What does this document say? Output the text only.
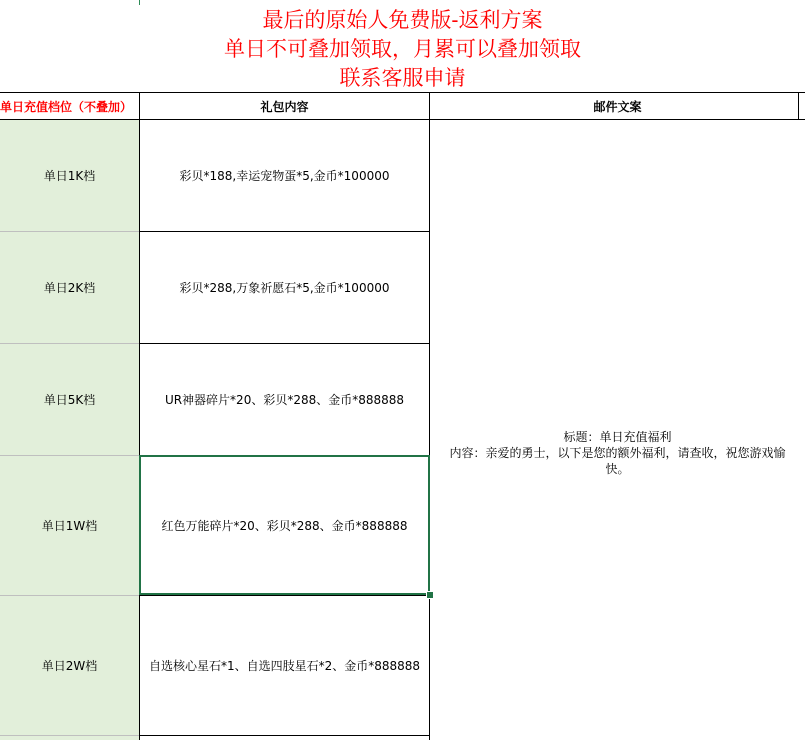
最后的原始人免费版-返利方案
单日不可叠加领取，月累可以叠加领取
联系客服申请
单日充值档位（不叠加）	礼包内容	邮件文案
单日1K档
单日2K档
单日5K档
单日1W档
单日2W档
彩贝*188,幸运宠物蛋*5,金币*100000
彩贝*288,万象祈愿石*5,金币*100000
UR神器碎片*20、彩贝*288、金币*888888
红色万能碎片*20、彩贝*288、金币*888888
自选核心星石*1、自选四肢星石*2、金币*888888
标题：单日充值福利
内容：亲爱的勇士，以下是您的额外福利，请查收，祝您游戏愉
快。
